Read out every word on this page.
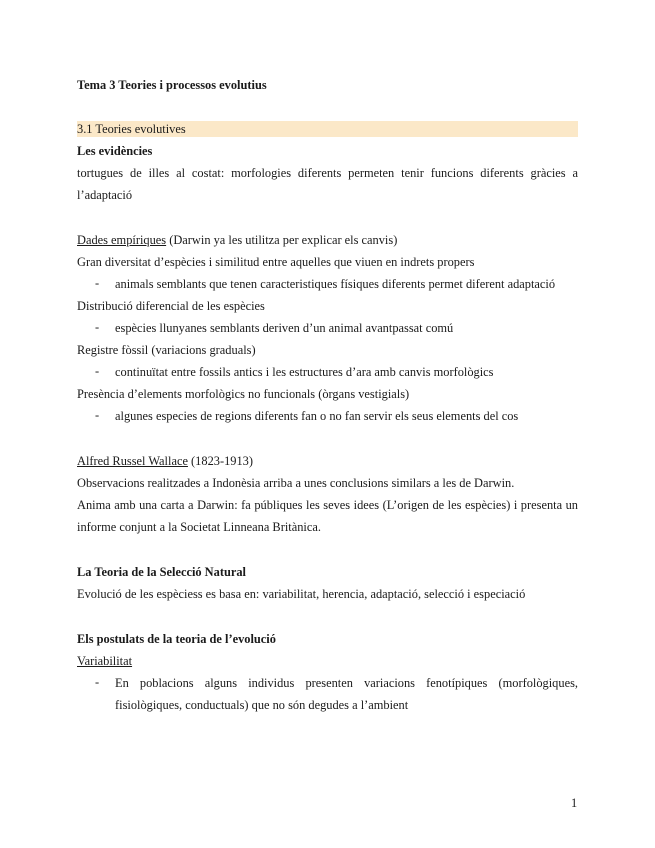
Tema 3 Teories i processos evolutius
3.1 Teories evolutives
Les evidències
tortugues de illes al costat: morfologies diferents permeten tenir funcions diferents gràcies a l’adaptació
Dades empíriques (Darwin ya les utilitza per explicar els canvis)
Gran diversitat d’espècies i similitud entre aquelles que viuen en indrets propers
-	animals semblants que tenen caracteristiques físiques diferents permet diferent adaptació
Distribució diferencial de les espècies
-	espècies llunyanes semblants deriven d’un animal avantpassat comú
Registre fòssil (variacions graduals)
-	continuïtat entre fossils antics i les estructures d’ara amb canvis morfològics
Presència d’elements morfològics no funcionals (òrgans vestigials)
-	algunes especies de regions diferents fan o no fan servir els seus elements del cos
Alfred Russel Wallace (1823-1913)
Observacions realitzades a Indonèsia arriba a unes conclusions similars a les de Darwin.
Anima amb una carta a Darwin: fa públiques les seves idees (L’origen de les espècies) i presenta un informe conjunt a la Societat Linneana Britànica.
La Teoria de la Selecció Natural
Evolució de les espèciess es basa en: variabilitat, herencia, adaptació, selecció i especiació
Els postulats de la teoria de l’evolució
Variabilitat
-	En poblacions alguns individus presenten variacions fenotípiques (morfològiques, fisiològiques, conductuals) que no són degudes a l’ambient
1
